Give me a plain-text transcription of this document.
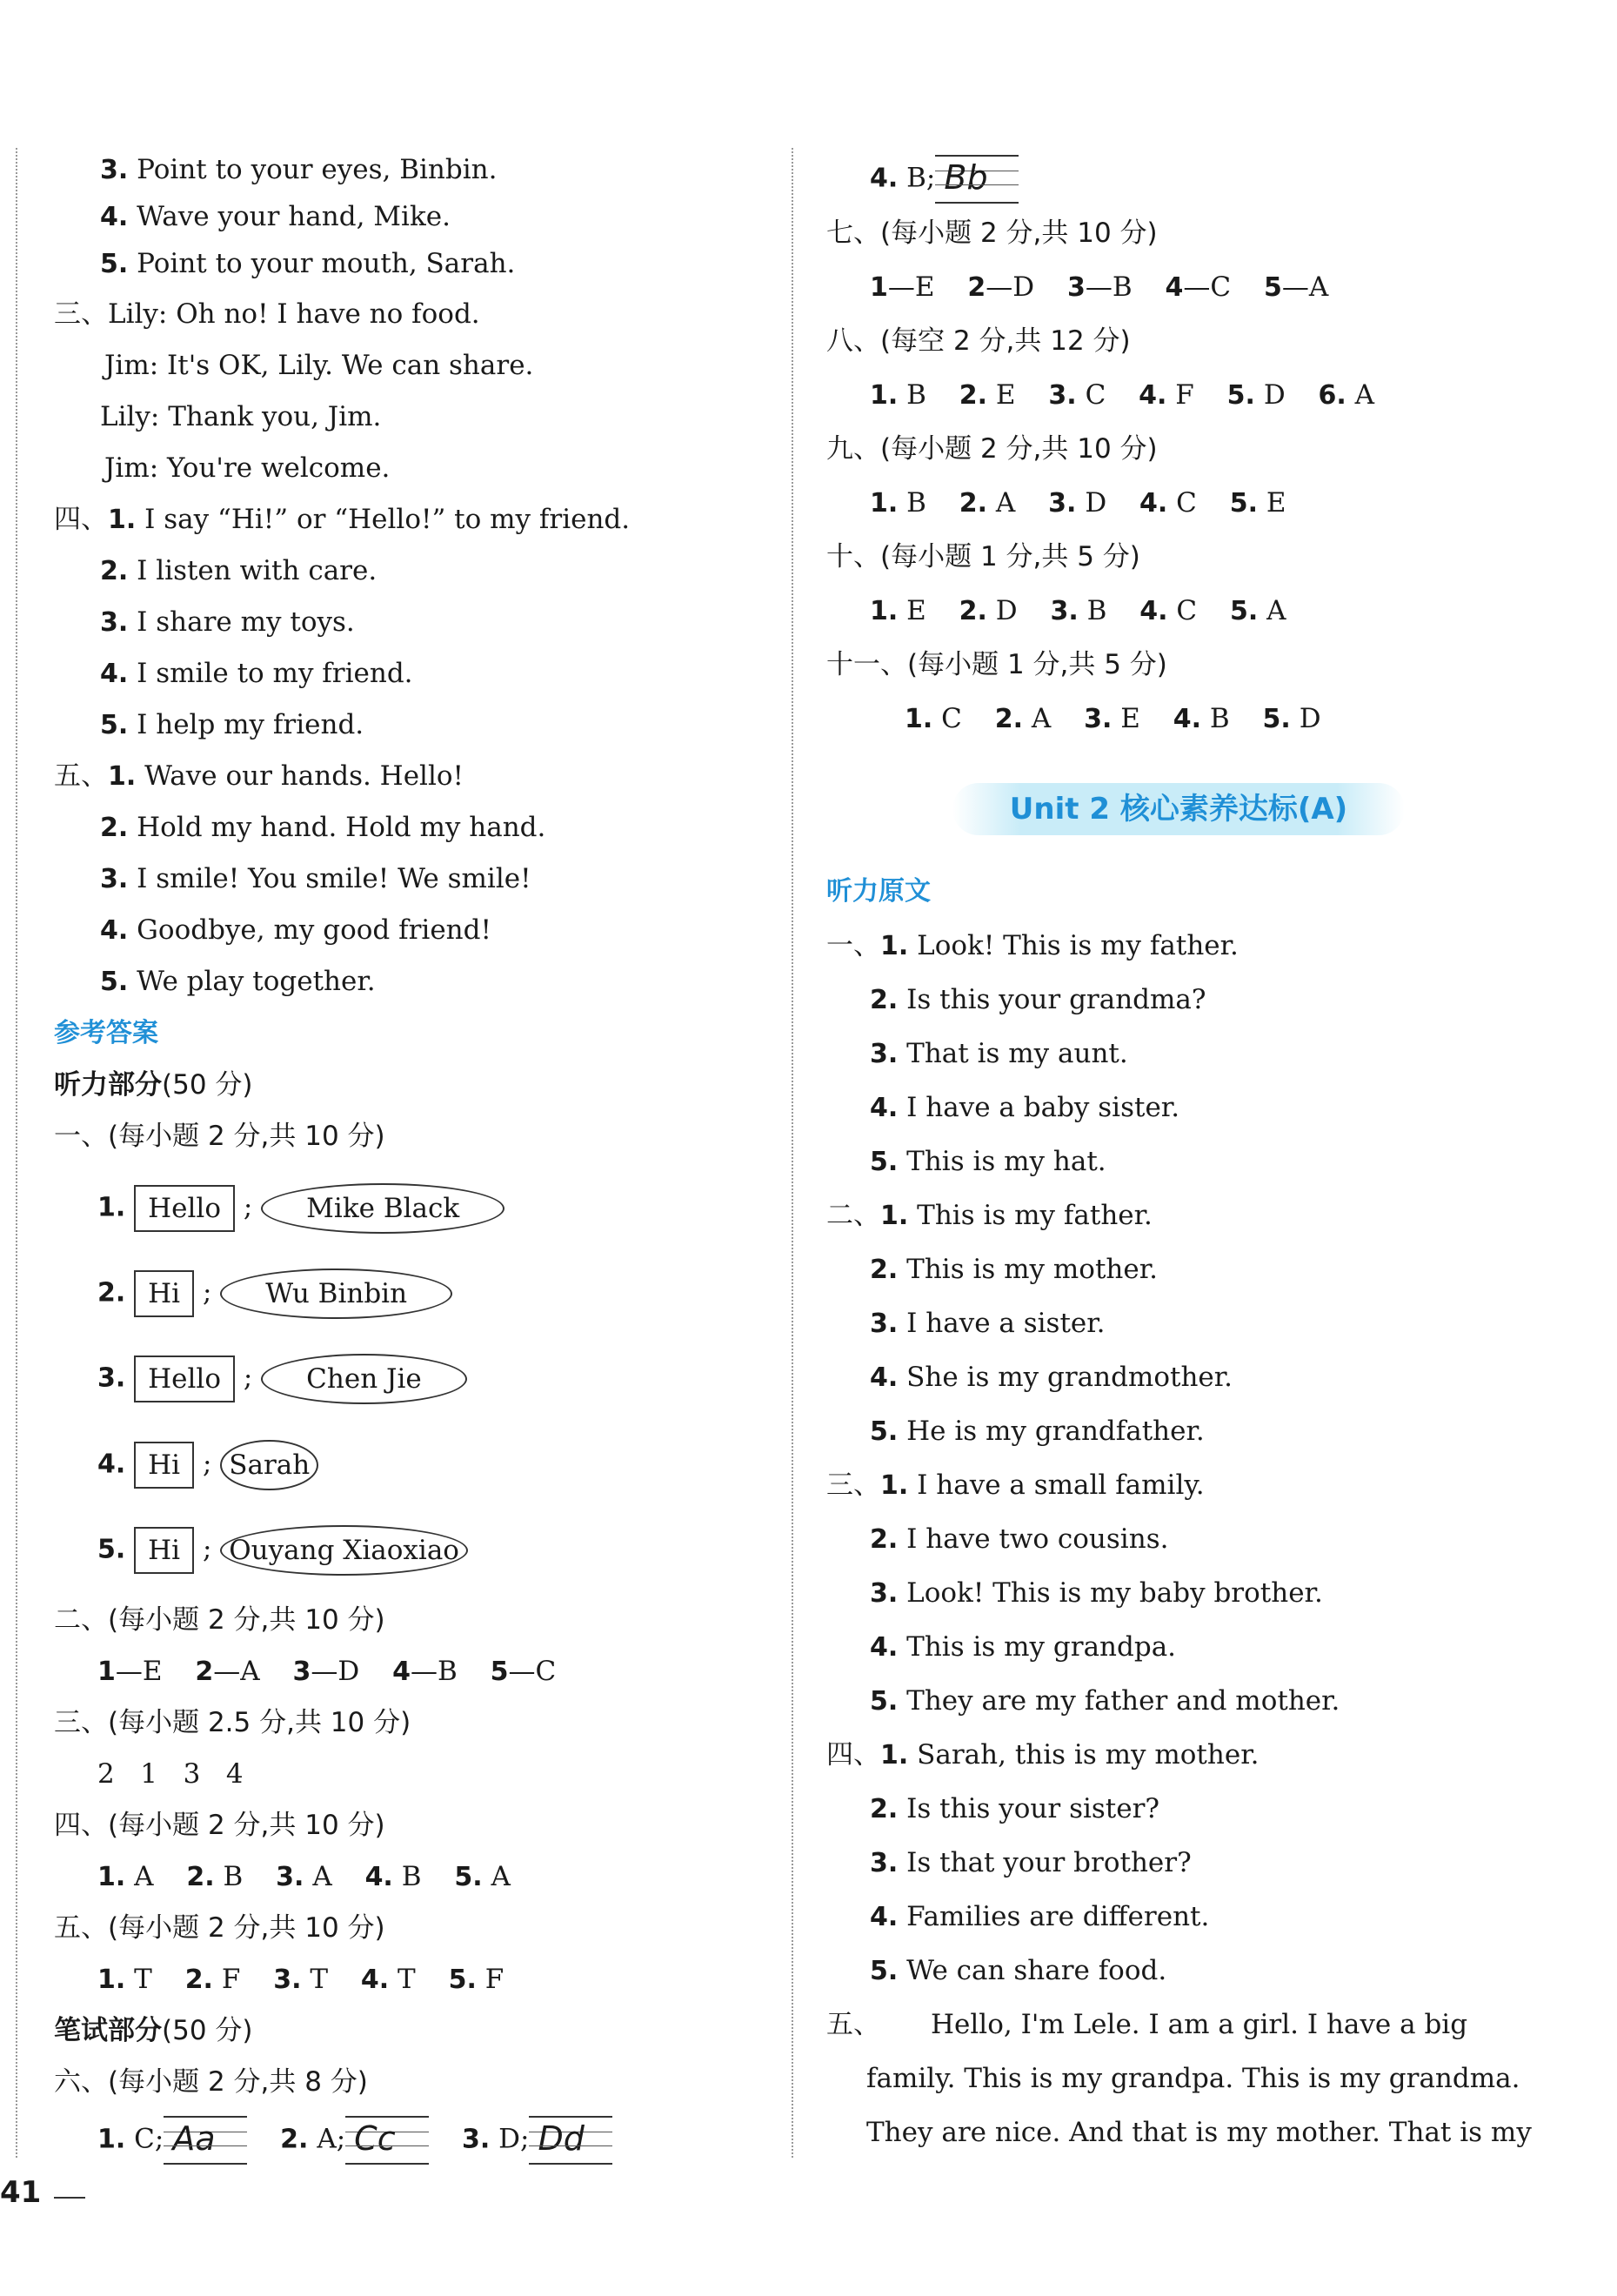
3. Point to your eyes, Binbin.
4. Wave your hand, Mike.
5. Point to your mouth, Sarah.
三、Lily: Oh no! I have no food.
Jim: It's OK, Lily. We can share.
Lily: Thank you, Jim.
Jim: You're welcome.
四、1. I say “Hi!” or “Hello!” to my friend.
2. I listen with care.
3. I share my toys.
4. I smile to my friend.
5. I help my friend.
五、1. Wave our hands. Hello!
2. Hold my hand. Hold my hand.
3. I smile! You smile! We smile!
4. Goodbye, my good friend!
5. We play together.
参考答案
听力部分(50 分)
一、(每小题 2 分,共 10 分)
1. Hello ; Mike Black
2. Hi ; Wu Binbin
3. Hello ; Chen Jie
4. Hi ; Sarah
5. Hi ; Ouyang Xiaoxiao
二、(每小题 2 分,共 10 分)
1—E 2—A 3—D 4—B 5—C
三、(每小题 2.5 分,共 10 分)
2   1   3   4
四、(每小题 2 分,共 10 分)
1. A 2. B 3. A 4. B 5. A
五、(每小题 2 分,共 10 分)
1. T 2. F 3. T 4. T 5. F
笔试部分(50 分)
六、(每小题 2 分,共 8 分)
1. C; Aa 2. A; Cc	3. D; Dd
4. B; Bb
七、(每小题 2 分,共 10 分)
1—E 2—D 3—B 4—C 5—A
八、(每空 2 分,共 12 分)
1. B 2. E 3. C 4. F 5. D 6. A
九、(每小题 2 分,共 10 分)
1. B 2. A 3. D 4. C 5. E
十、(每小题 1 分,共 5 分)
1. E 2. D 3. B 4. C 5. A
十一、(每小题 1 分,共 5 分)
1. C 2. A 3. E 4. B 5. D
听力原文
一、1. Look! This is my father.
2. Is this your grandma?
3. That is my aunt.
4. I have a baby sister.
5. This is my hat.
二、1. This is my father.
2. This is my mother.
3. I have a sister.
4. She is my grandmother.
5. He is my grandfather.
三、1. I have a small family.
2. I have two cousins.
3. Look! This is my baby brother.
4. This is my grandpa.
5. They are my father and mother.
四、1. Sarah, this is my mother.
2. Is this your sister?
3. Is that your brother?
4. Families are different.
5. We can share food.
五、 Hello, I'm Lele. I am a girl. I have a big
family. This is my grandpa. This is my grandma.
They are nice. And that is my mother. That is my
Unit 2 核心素养达标(A)
41
